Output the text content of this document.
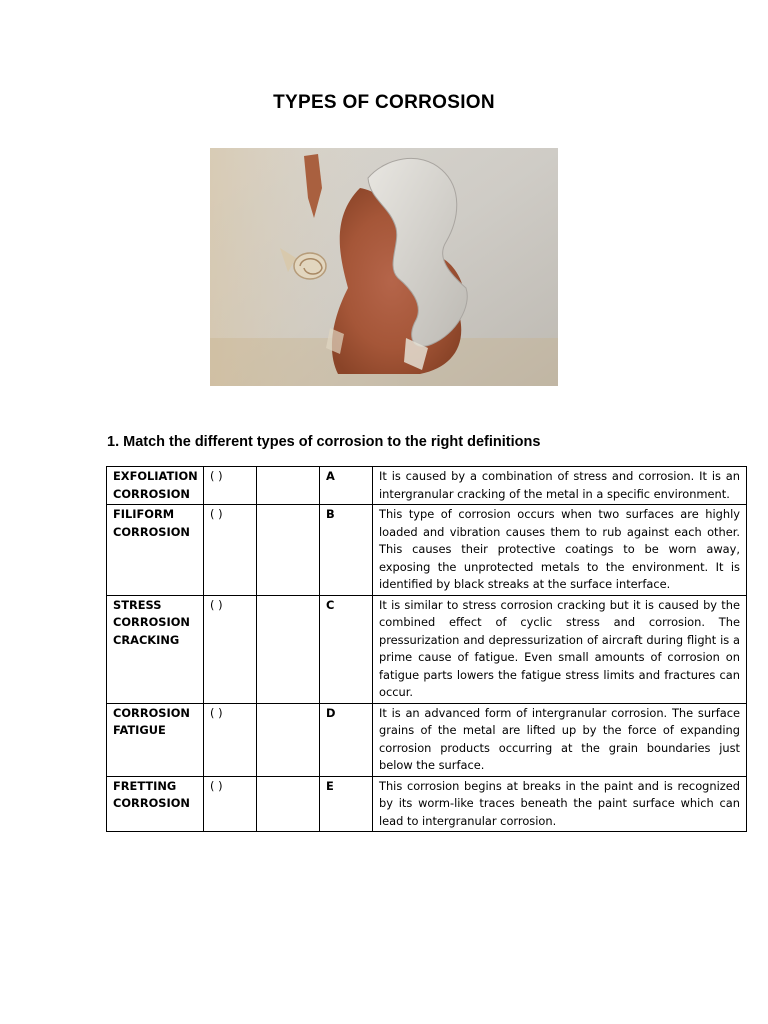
TYPES OF CORROSION
1. Match the different types of corrosion to the right definitions
EXFOLIATION CORROSION	( )		A	It is caused by a combination of stress and corrosion. It is an intergranular cracking of the metal in a specific environment.
FILIFORM CORROSION	( )		B	This type of corrosion occurs when two surfaces are highly loaded and vibration causes them to rub against each other. This causes their protective coatings to be worn away, exposing the unprotected metals to the environment. It is identified by black streaks at the surface interface.
STRESS CORROSION CRACKING	( )		C	It is similar to stress corrosion cracking but it is caused by the combined effect of cyclic stress and corrosion. The pressurization and depressurization of aircraft during flight is a prime cause of fatigue. Even small amounts of corrosion on fatigue parts lowers the fatigue stress limits and fractures can occur.
CORROSION FATIGUE	( )		D	It is an advanced form of intergranular corrosion. The surface grains of the metal are lifted up by the force of expanding corrosion products occurring at the grain boundaries just below the surface.
FRETTING CORROSION	( )		E	This corrosion begins at breaks in the paint and is recognized by its worm-like traces beneath the paint surface which can lead to intergranular corrosion.
